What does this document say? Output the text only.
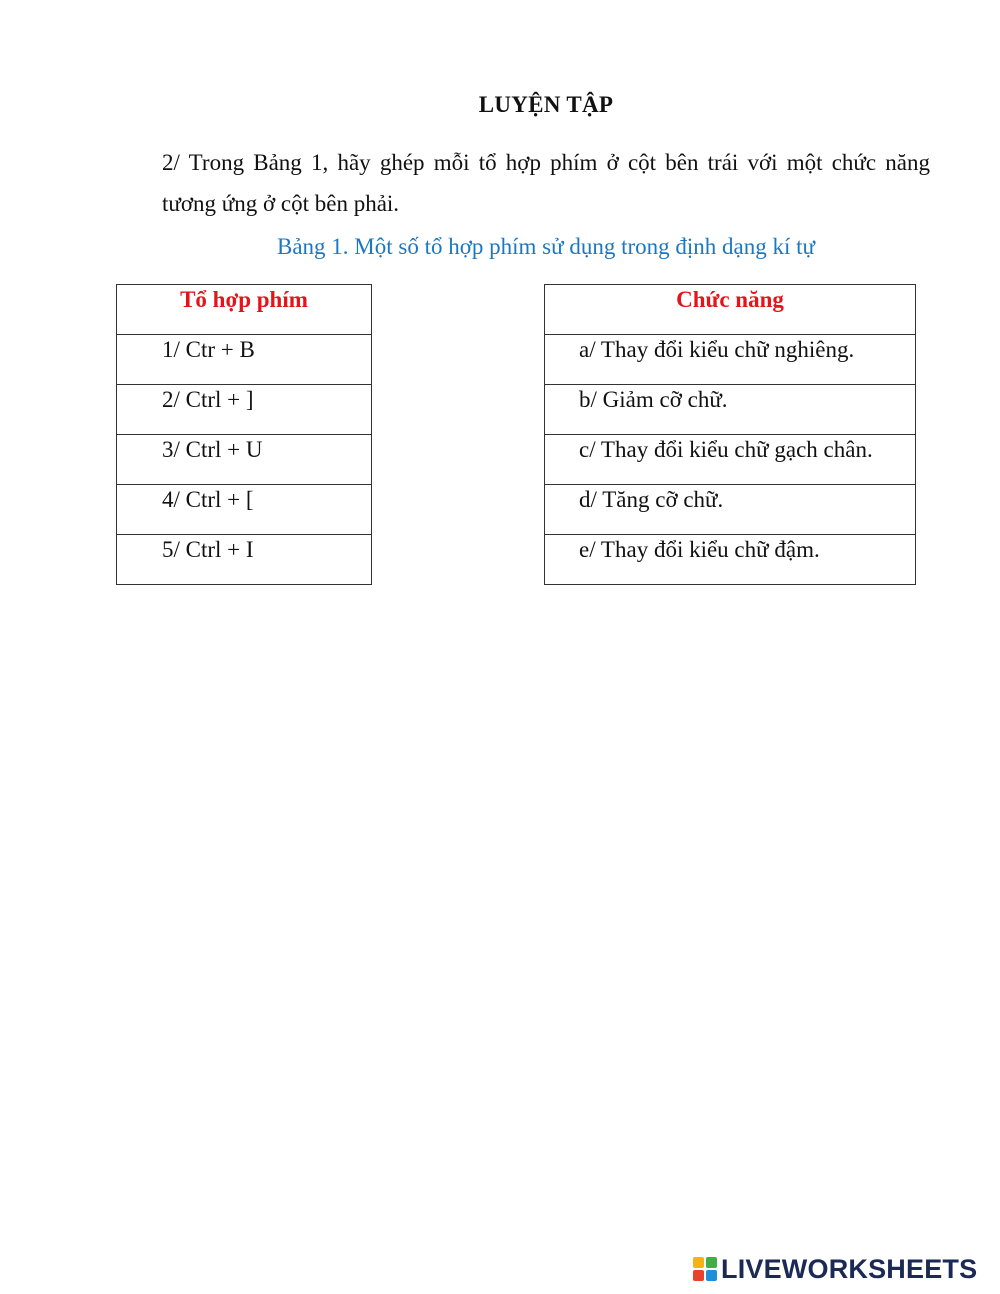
LUYỆN TẬP
2/ Trong Bảng 1, hãy ghép mỗi tổ hợp phím ở cột bên trái với một chức năng tương ứng ở cột bên phải.
Bảng 1. Một số tổ hợp phím sử dụng trong định dạng kí tự
Tổ hợp phím
1/ Ctr + B
2/ Ctrl + ]
3/ Ctrl + U
4/ Ctrl + [
5/ Ctrl + I
Chức năng
a/ Thay đổi kiểu chữ nghiêng.
b/ Giảm cỡ chữ.
c/ Thay đổi kiểu chữ gạch chân.
d/ Tăng cỡ chữ.
e/ Thay đổi kiểu chữ đậm.
LIVEWORKSHEETS
